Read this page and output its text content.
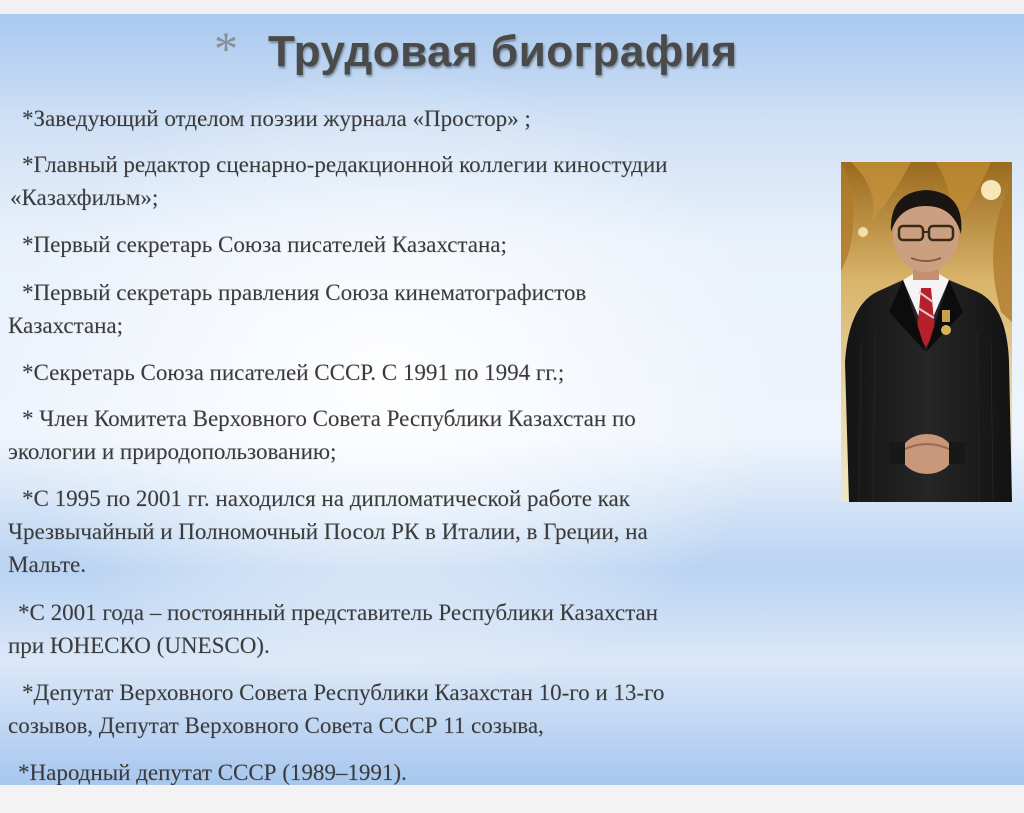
* Трудовая биография

*Заведующий отделом поэзии журнала «Простор» ;

*Главный редактор сценарно-редакционной коллегии киностудии
«Казахфильм»;

*Первый секретарь Союза писателей Казахстана;

*Первый секретарь правления Союза кинематографистов
Казахстана;

*Секретарь Союза писателей СССР. С 1991 по 1994 гг.;

* Член Комитета Верховного Совета Республики Казахстан по
экологии и природопользованию;

*С 1995 по 2001 гг. находился на дипломатической работе как
Чрезвычайный и Полномочный Посол РК в Италии, в Греции, на
Мальте.

*С 2001 года – постоянный представитель Республики Казахстан
при ЮНЕСКО (UNESCO).

*Депутат Верховного Совета Республики Казахстан 10-го и 13-го
созывов, Депутат Верховного Совета СССР 11 созыва,

*Народный депутат СССР (1989–1991).
